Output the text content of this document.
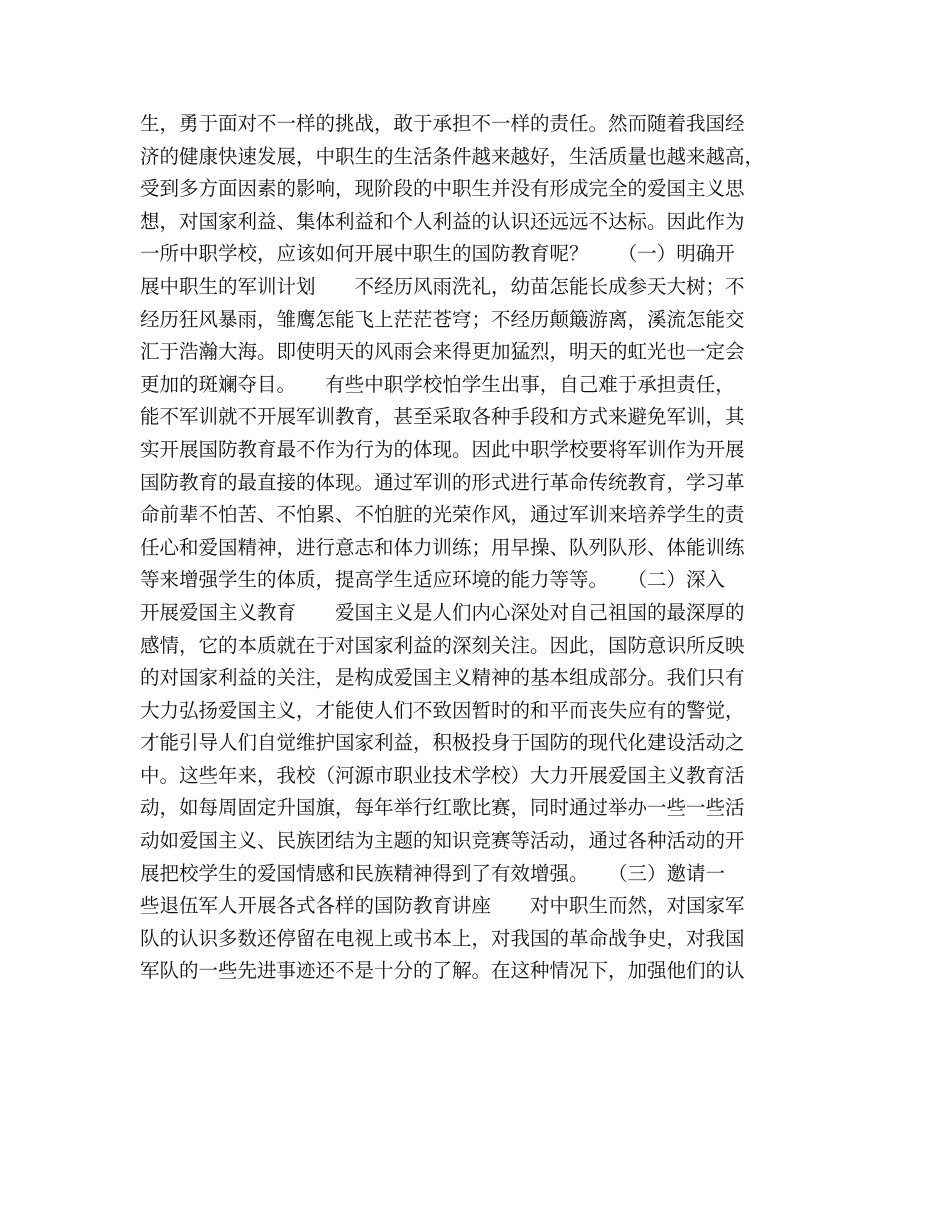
生，勇于面对不一样的挑战，敢于承担不一样的责任。然而随着我国经
济的健康快速发展，中职生的生活条件越来越好，生活质量也越来越高，
受到多方面因素的影响，现阶段的中职生并没有形成完全的爱国主义思
想，对国家利益、集体利益和个人利益的认识还远远不达标。因此作为
一所中职学校，应该如何开展中职生的国防教育呢？　　（一）明确开
展中职生的军训计划　　不经历风雨洗礼，幼苗怎能长成参天大树；不
经历狂风暴雨，雏鹰怎能飞上茫茫苍穹；不经历颠簸游离，溪流怎能交
汇于浩瀚大海。即使明天的风雨会来得更加猛烈，明天的虹光也一定会
更加的斑斓夺目。　　有些中职学校怕学生出事，自己难于承担责任，
能不军训就不开展军训教育，甚至采取各种手段和方式来避免军训，其
实开展国防教育最不作为行为的体现。因此中职学校要将军训作为开展
国防教育的最直接的体现。通过军训的形式进行革命传统教育，学习革
命前辈不怕苦、不怕累、不怕脏的光荣作风，通过军训来培养学生的责
任心和爱国精神，进行意志和体力训练；用早操、队列队形、体能训练
等来增强学生的体质，提高学生适应环境的能力等等。　　（二）深入
开展爱国主义教育　　爱国主义是人们内心深处对自己祖国的最深厚的
感情，它的本质就在于对国家利益的深刻关注。因此，国防意识所反映
的对国家利益的关注，是构成爱国主义精神的基本组成部分。我们只有
大力弘扬爱国主义，才能使人们不致因暂时的和平而丧失应有的警觉，
才能引导人们自觉维护国家利益，积极投身于国防的现代化建设活动之
中。这些年来，我校（河源市职业技术学校）大力开展爱国主义教育活
动，如每周固定升国旗，每年举行红歌比赛，同时通过举办一些一些活
动如爱国主义、民族团结为主题的知识竞赛等活动，通过各种活动的开
展把校学生的爱国情感和民族精神得到了有效增强。　　（三）邀请一
些退伍军人开展各式各样的国防教育讲座　　对中职生而然，对国家军
队的认识多数还停留在电视上或书本上，对我国的革命战争史，对我国
军队的一些先进事迹还不是十分的了解。在这种情况下，加强他们的认
